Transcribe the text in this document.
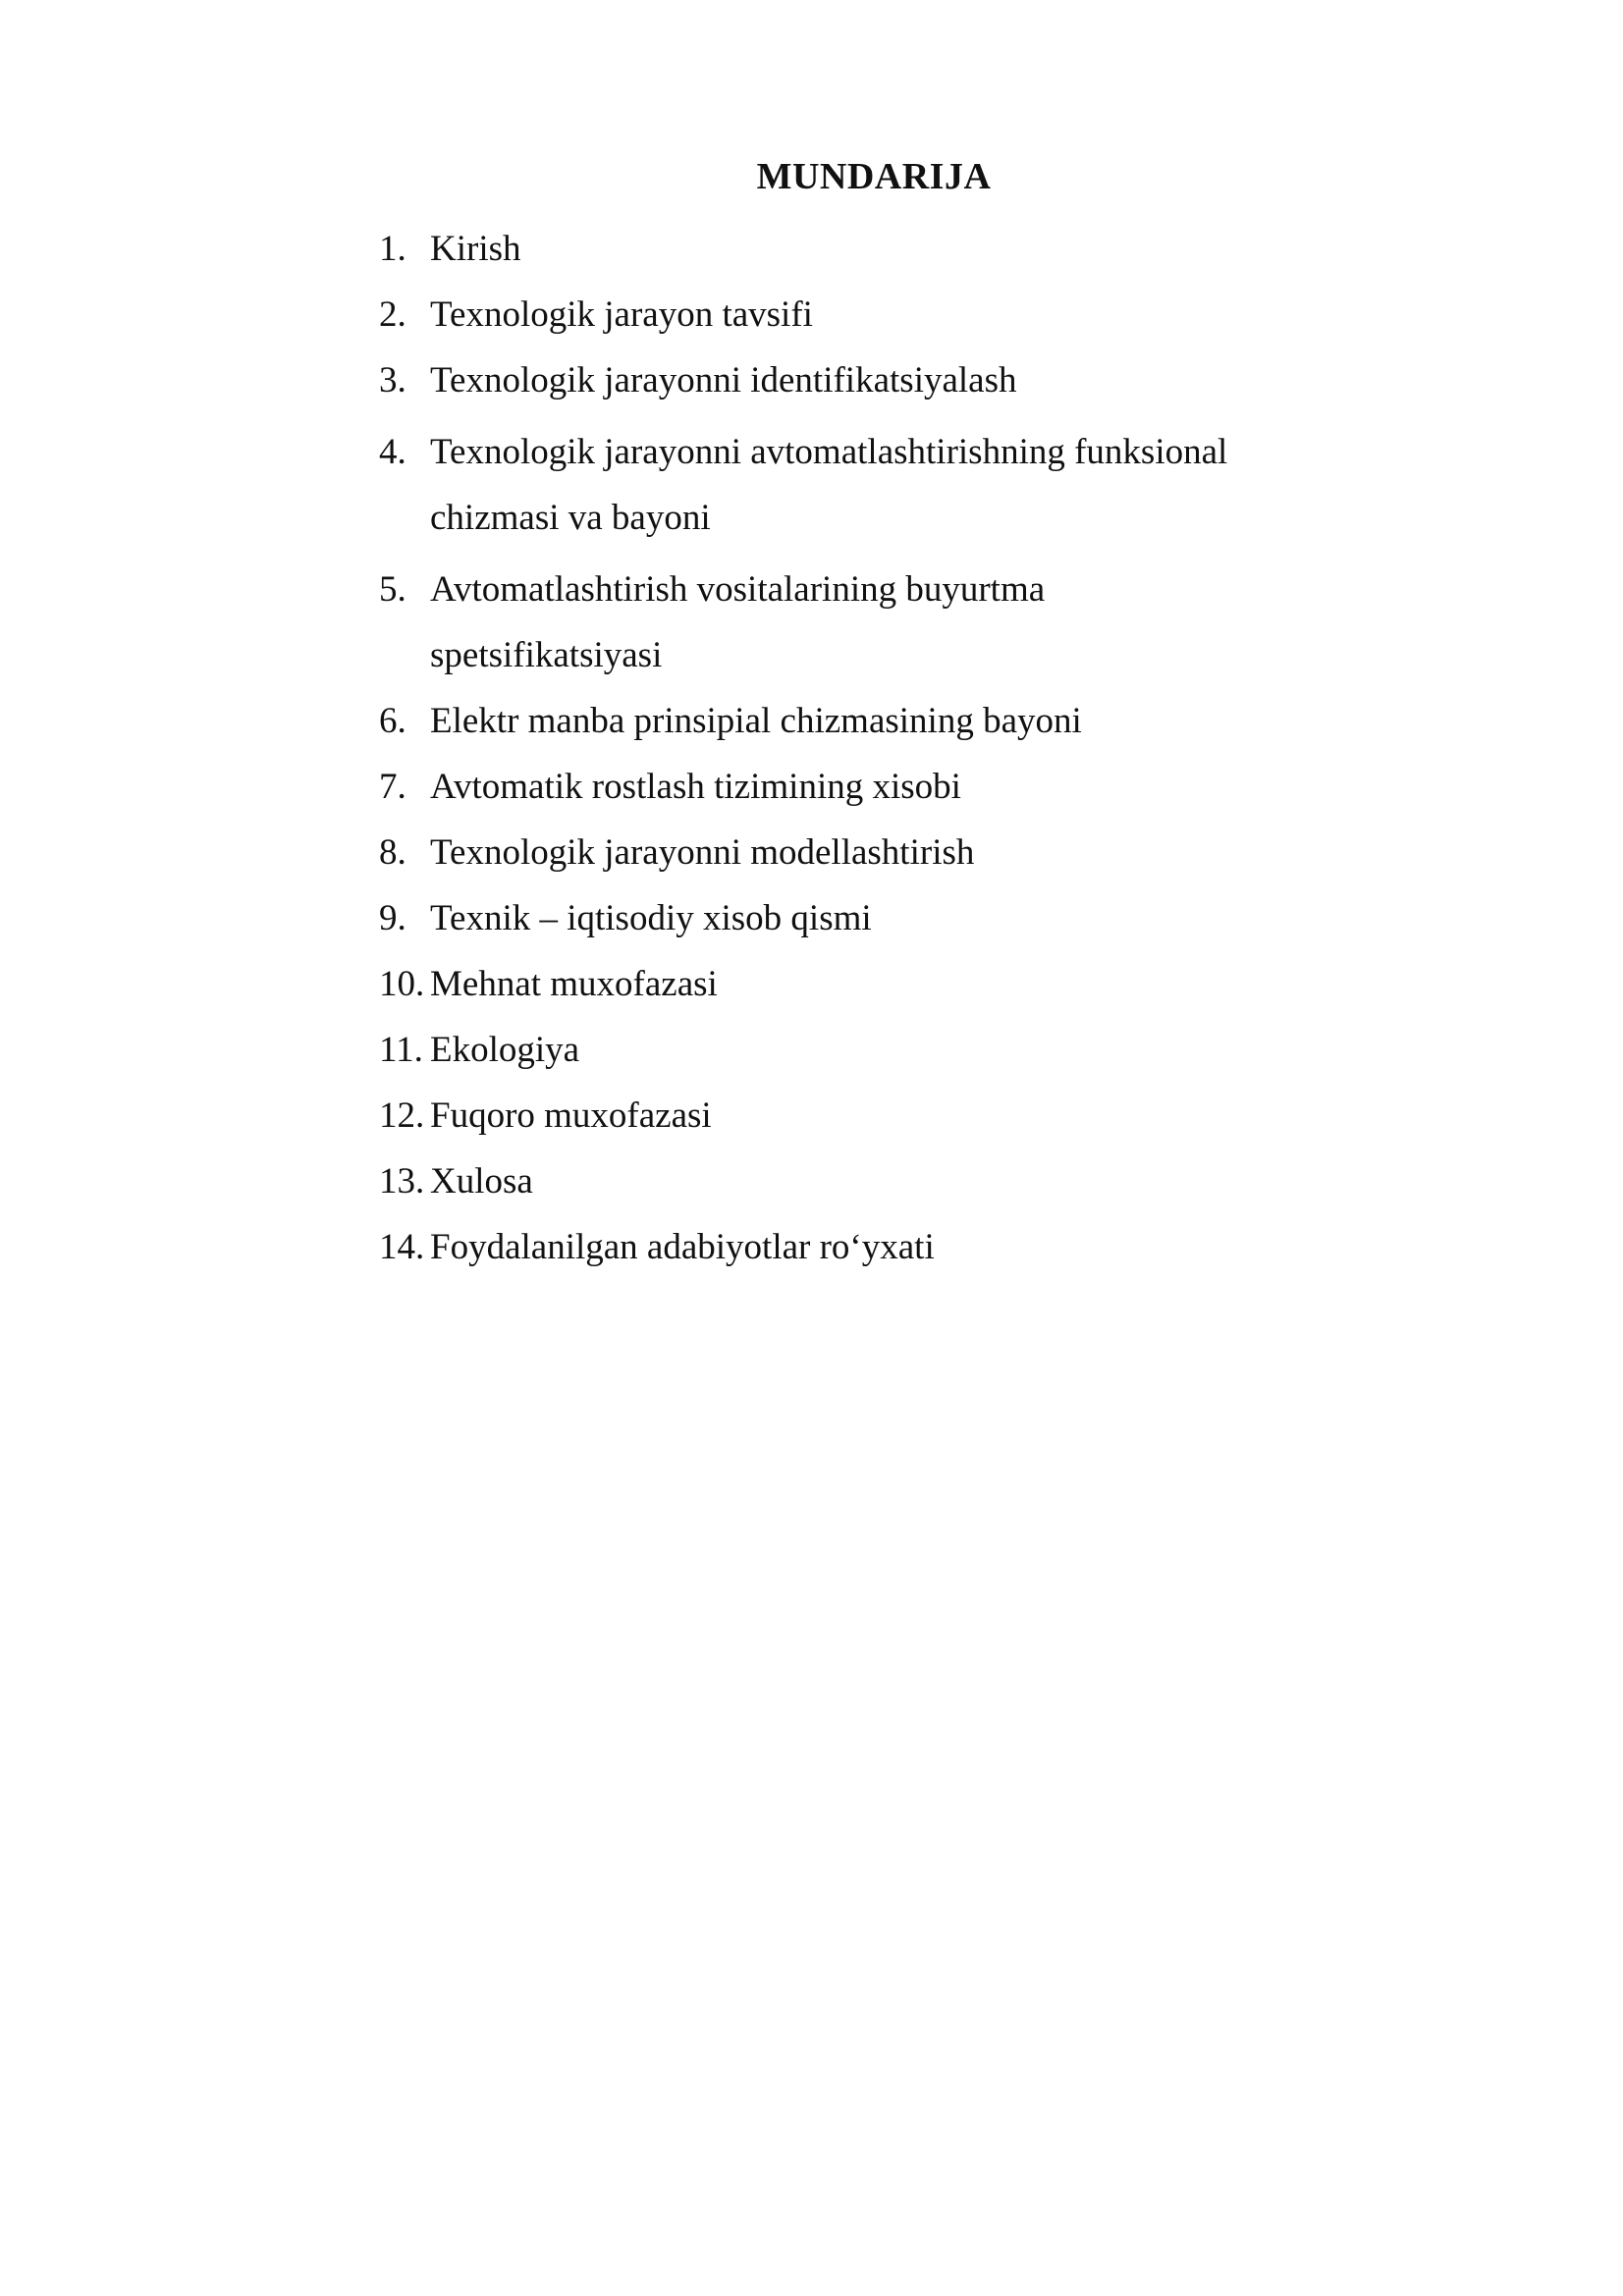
MUNDARIJA
1. Kirish
2. Texnologik jarayon tavsifi
3. Texnologik jarayonni identifikatsiyalash
4. Texnologik jarayonni avtomatlashtirishning funksional chizmasi va bayoni
5. Avtomatlashtirish vositalarining buyurtma spetsifikatsiyasi
6. Elektr manba prinsipial chizmasining bayoni
7. Avtomatik rostlash tizimining xisobi
8. Texnologik jarayonni modellashtirish
9. Texnik – iqtisodiy xisob qismi
10. Mehnat muxofazasi
11. Ekologiya
12. Fuqoro muxofazasi
13. Xulosa
14. Foydalanilgan adabiyotlar ro‘yxati
